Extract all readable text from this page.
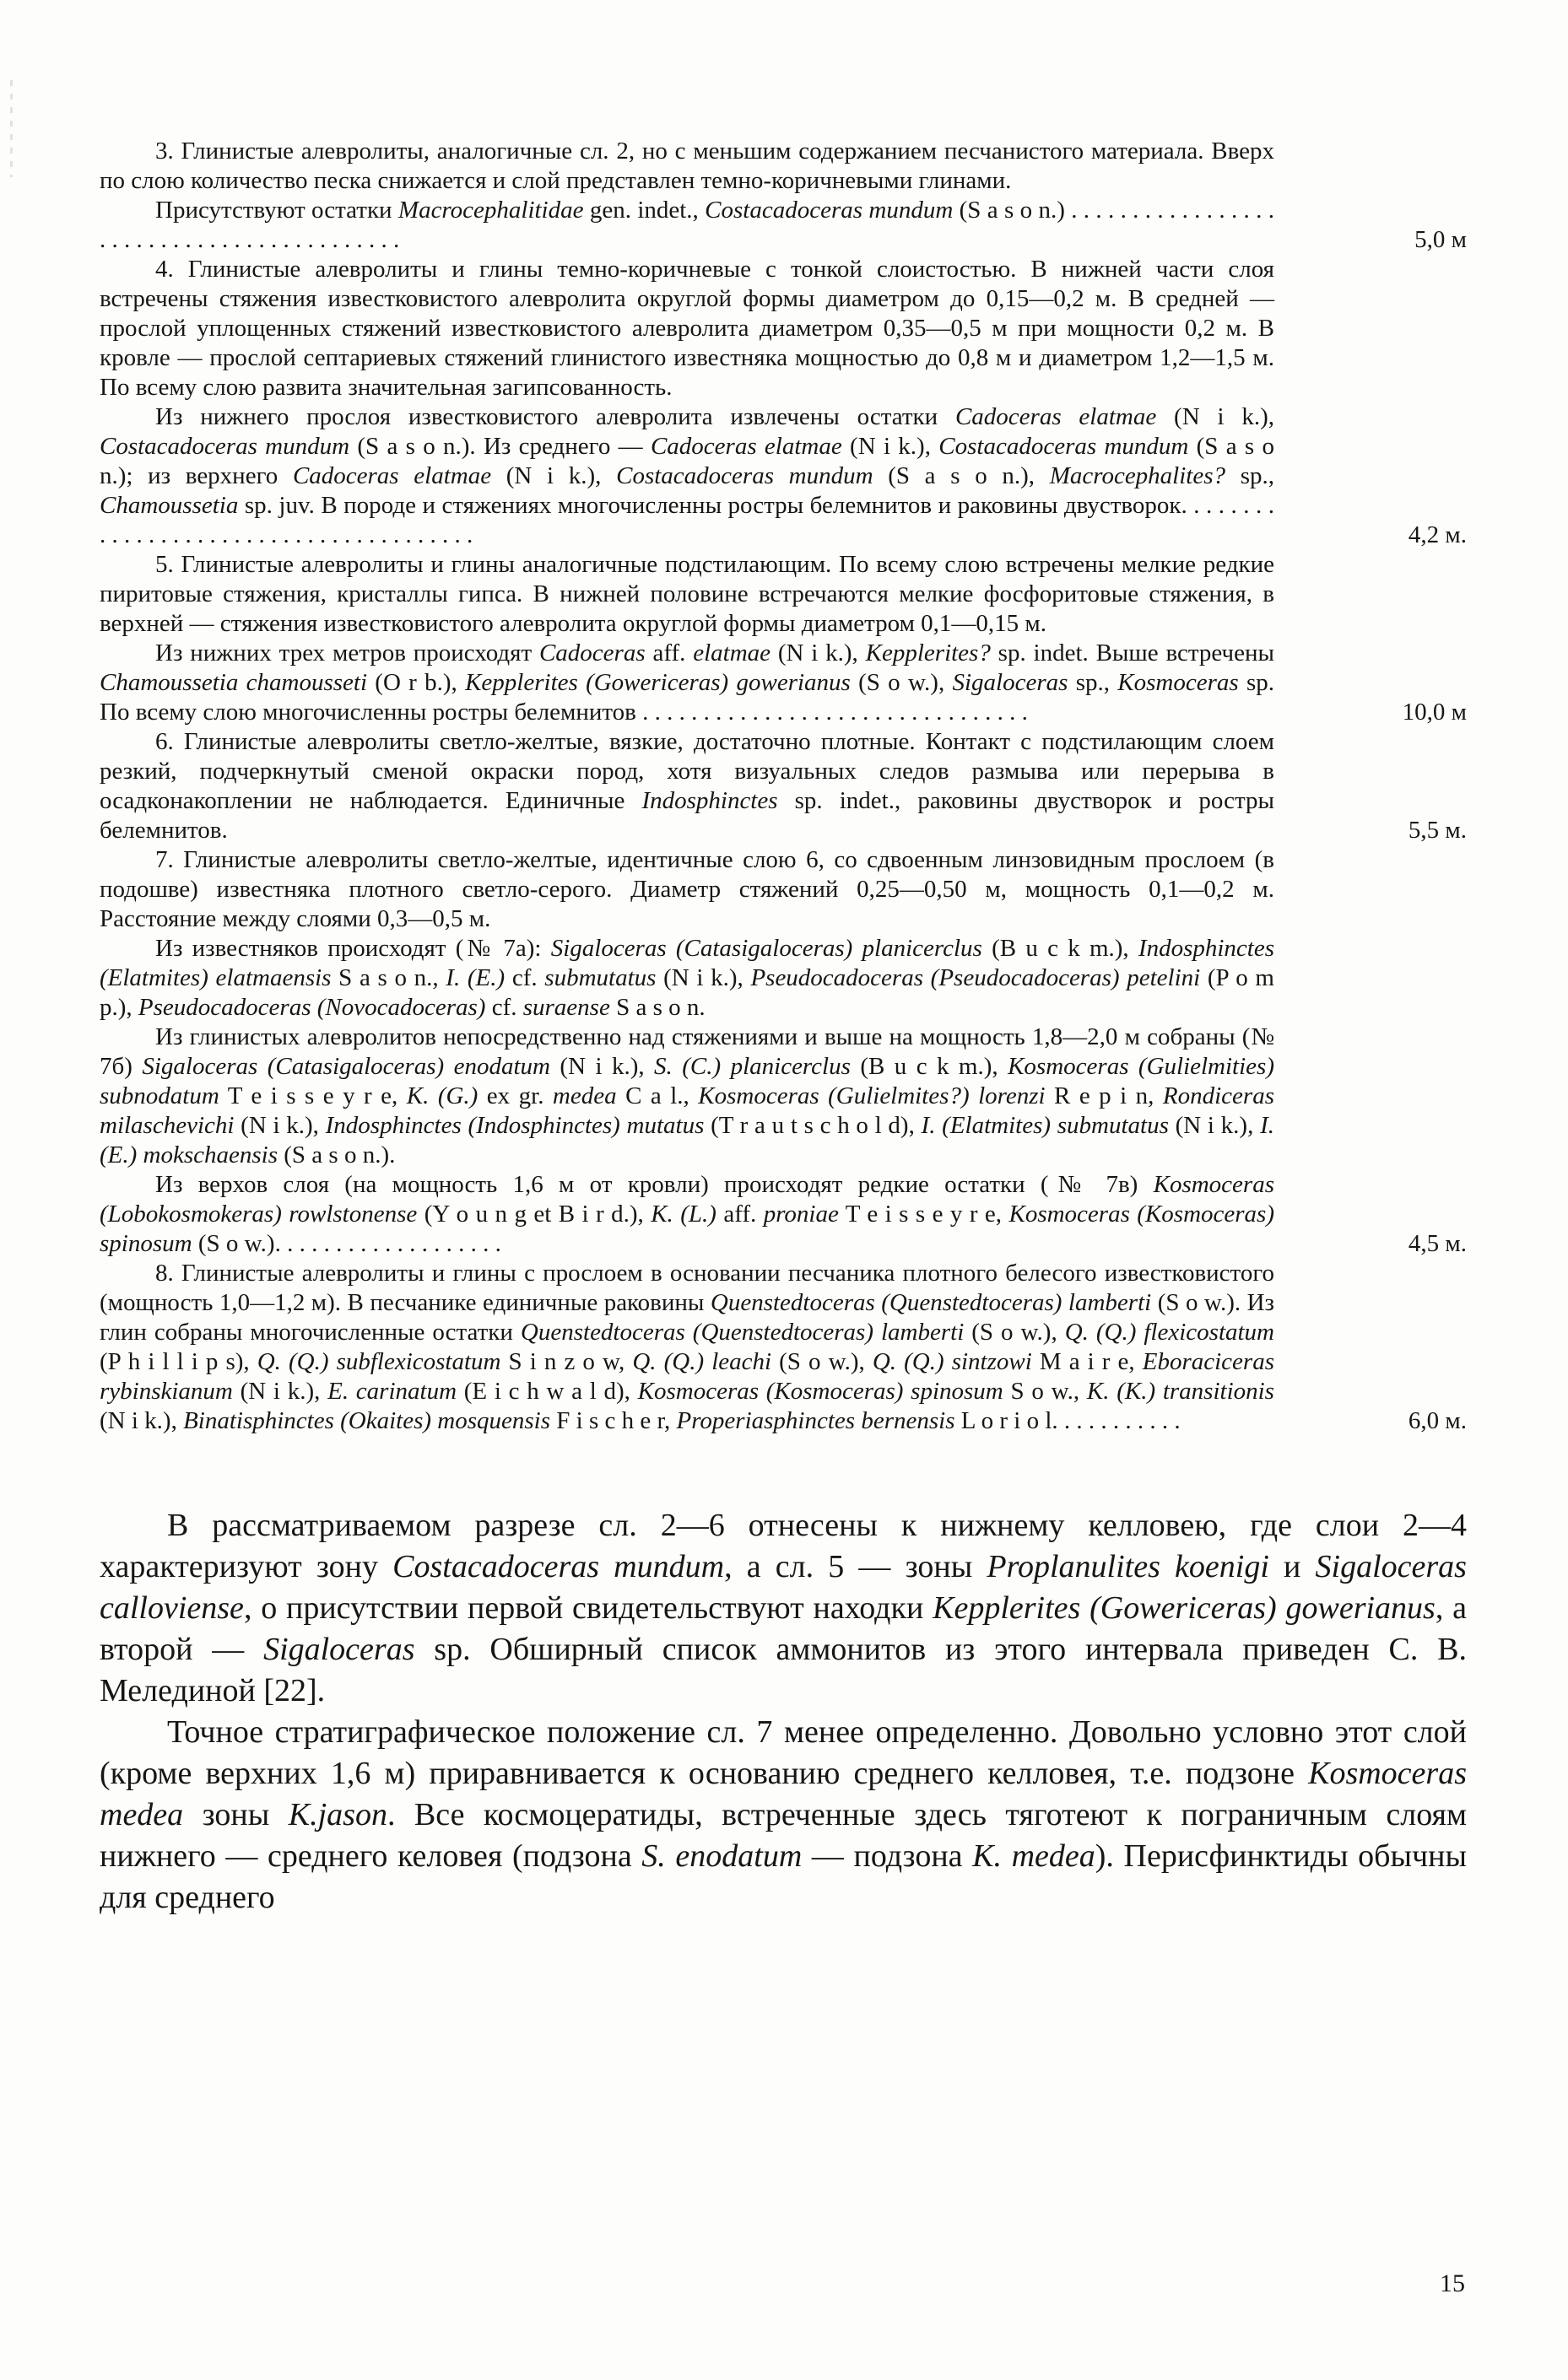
3. Глинистые алевролиты, аналогичные сл. 2, но с меньшим содержанием песчанистого материала. Вверх по слою количество песка снижается и слой представлен темно-коричневыми глинами.

Присутствуют остатки Macrocephalitidae gen. indet., Costacadoceras mundum (S a s o n.) . . . . . . . . . . . . . . . . . . . . . . . . . . . . . . . . . . . . . . . . . .	5,0 м

4. Глинистые алевролиты и глины темно-коричневые с тонкой слоистостью. В нижней части слоя встречены стяжения известковистого алевролита округлой формы диаметром до 0,15—0,2 м. В средней — прослой уплощенных стяжений известковистого алевролита диаметром 0,35—0,5 м при мощности 0,2 м. В кровле — прослой септариевых стяжений глинистого известняка мощностью до 0,8 м и диаметром 1,2—1,5 м. По всему слою развита значительная загипсованность.

Из нижнего прослоя известковистого алевролита извлечены остатки Cadoceras elatmae (N i k.), Costacadoceras mundum (S a s o n.). Из среднего — Cadoceras elatmae (N i k.), Costacadoceras mundum (S a s o n.); из верхнего Cadoceras elatmae (N i k.), Costacadoceras mundum (S a s o n.), Macrocephalites? sp., Chamoussetia sp. juv. В породе и стяжениях многочисленны ростры белемнитов и раковины двустворок. . . . . . . . . . . . . . . . . . . . . . . . . . . . . . . . . . . . . . .	4,2 м.

5. Глинистые алевролиты и глины аналогичные подстилающим. По всему слою встречены мелкие редкие пиритовые стяжения, кристаллы гипса. В нижней половине встречаются мелкие фосфоритовые стяжения, в верхней — стяжения известковистого алевролита округлой формы диаметром 0,1—0,15 м.

Из нижних трех метров происходят Cadoceras aff. elatmae (N i k.), Kepplerites? sp. indet. Выше встречены Chamoussetia chamousseti (O r b.), Kepplerites (Gowericeras) gowerianus (S o w.), Sigaloceras sp., Kosmoceras sp. По всему слою многочисленны ростры белемнитов . . . . . . . . . . . . . . . . . . . . . . . . . . . . . . . .	10,0 м

6. Глинистые алевролиты светло-желтые, вязкие, достаточно плотные. Контакт с подстилающим слоем резкий, подчеркнутый сменой окраски пород, хотя визуальных следов размыва или перерыва в осадконакоплении не наблюдается. Единичные Indosphinctes sp. indet., раковины двустворок и ростры белемнитов.	5,5 м.

7. Глинистые алевролиты светло-желтые, идентичные слою 6, со сдвоенным линзовидным прослоем (в подошве) известняка плотного светло-серого. Диаметр стяжений 0,25—0,50 м, мощность 0,1—0,2 м. Расстояние между слоями 0,3—0,5 м.

Из известняков происходят (№ 7а): Sigaloceras (Catasigaloceras) planicerclus (B u c k m.), Indosphinctes (Elatmites) elatmaensis S a s o n., I. (E.) cf. submutatus (N i k.), Pseudocadoceras (Pseudocadoceras) petelini (P o m p.), Pseudocadoceras (Novocadoceras) cf. suraense S a s o n.

Из глинистых алевролитов непосредственно над стяжениями и выше на мощность 1,8—2,0 м собраны (№ 7б) Sigaloceras (Catasigaloceras) enodatum (N i k.), S. (C.) planicerclus (B u c k m.), Kosmoceras (Gulielmities) subnodatum T e i s s e y r e, K. (G.) ex gr. medea C a l., Kosmoceras (Gulielmites?) lorenzi R e p i n, Rondiceras milaschevichi (N i k.), Indosphinctes (Indosphinctes) mutatus (T r a u t s c h o l d), I. (Elatmites) submutatus (N i k.), I. (E.) mokschaensis (S a s o n.).

Из верхов слоя (на мощность 1,6 м от кровли) происходят редкие остатки (№ 7в) Kosmoceras (Lobokosmokeras) rowlstonense (Y o u n g et B i r d.), K. (L.) aff. proniae T e i s s e y r e, Kosmoceras (Kosmoceras) spinosum (S o w.). . . . . . . . . . . . . . . . . . .	4,5 м.

8. Глинистые алевролиты и глины с прослоем в основании песчаника плотного белесого известковистого (мощность 1,0—1,2 м). В песчанике единичные раковины Quenstedtoceras (Quenstedtoceras) lamberti (S o w.). Из глин собраны многочисленные остатки Quenstedtoceras (Quenstedtoceras) lamberti (S o w.), Q. (Q.) flexicostatum (P h i l l i p s), Q. (Q.) subflexicostatum S i n z o w, Q. (Q.) leachi (S o w.), Q. (Q.) sintzowi M a i r e, Eboraciceras rybinskianum (N i k.), E. carinatum (E i c h w a l d), Kosmoceras (Kosmoceras) spinosum S o w., K. (K.) transitionis (N i k.), Binatisphinctes (Okaites) mosquensis F i s c h e r, Properiasphinctes bernensis L o r i o l. . . . . . . . . . .	6,0 м.

В рассматриваемом разрезе сл. 2—6 отнесены к нижнему келловею, где слои 2—4 характеризуют зону Costacadoceras mundum, а сл. 5 — зоны Proplanulites koenigi и Sigaloceras calloviense, о присутствии первой свидетельствуют находки Kepplerites (Gowericeras) gowerianus, а второй — Sigaloceras sp. Обширный список аммонитов из этого интервала приведен С. В. Мелединой [22].

Точное стратиграфическое положение сл. 7 менее определенно. Довольно условно этот слой (кроме верхних 1,6 м) приравнивается к основанию среднего келловея, т.е. подзоне Kosmoceras medea зоны K.jason. Все космоцератиды, встреченные здесь тяготеют к пограничным слоям нижнего — среднего келовея (подзона S. enodatum — подзона K. medea). Перисфинктиды обычны для среднего

15
